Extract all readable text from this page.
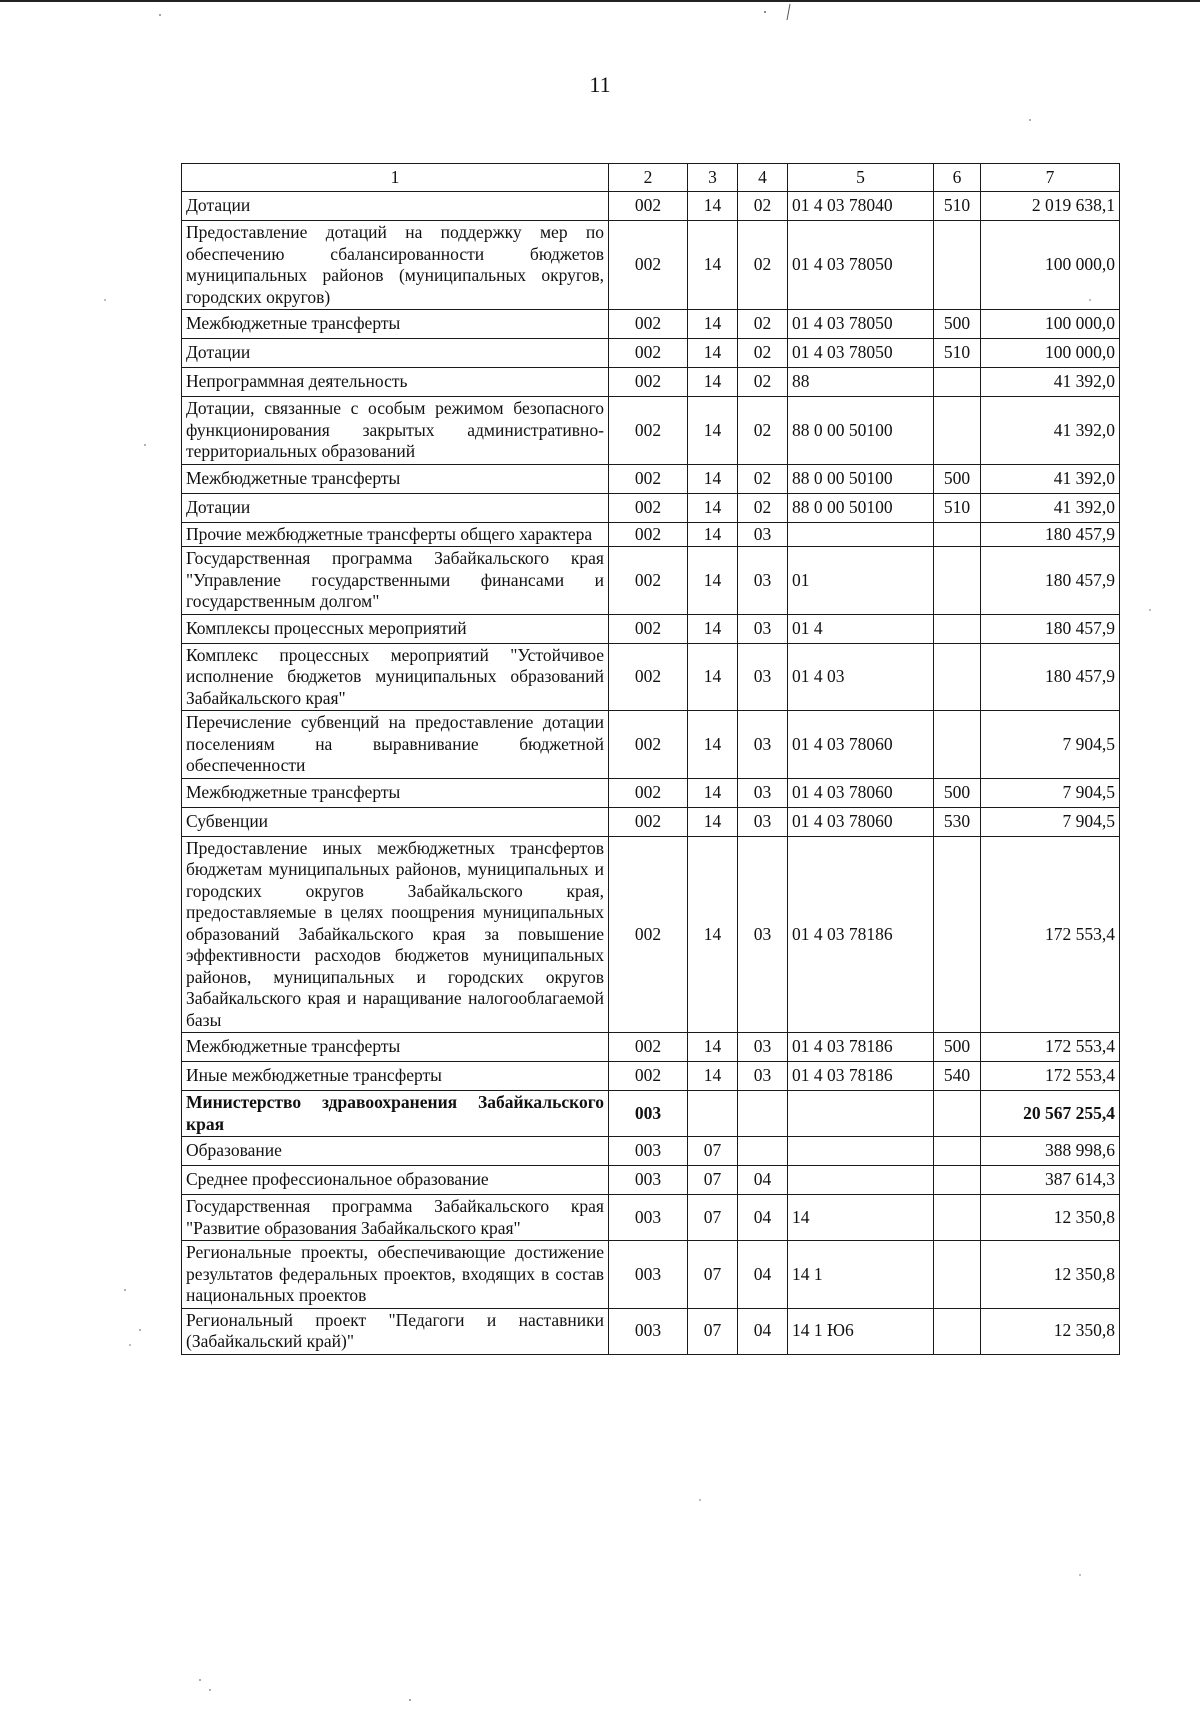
11
1	2	3	4	5	6	7
Дотации	002	14	02	01 4 03 78040	510	2 019 638,1
Предоставление дотаций на поддержку мер по обеспечению сбалансированности бюджетов муниципальных районов (муниципальных округов, городских округов)	002	14	02	01 4 03 78050		100 000,0
Межбюджетные трансферты	002	14	02	01 4 03 78050	500	100 000,0
Дотации	002	14	02	01 4 03 78050	510	100 000,0
Непрограммная деятельность	002	14	02	88		41 392,0
Дотации, связанные с особым режимом безопасного функционирования закрытых административно-территориальных образований	002	14	02	88 0 00 50100		41 392,0
Межбюджетные трансферты	002	14	02	88 0 00 50100	500	41 392,0
Дотации	002	14	02	88 0 00 50100	510	41 392,0
Прочие межбюджетные трансферты общего характера	002	14	03			180 457,9
Государственная программа Забайкальского края "Управление государственными финансами и государственным долгом"	002	14	03	01		180 457,9
Комплексы процессных мероприятий	002	14	03	01 4		180 457,9
Комплекс процессных мероприятий "Устойчивое исполнение бюджетов муниципальных образований Забайкальского края"	002	14	03	01 4 03		180 457,9
Перечисление субвенций на предоставление дотации поселениям на выравнивание бюджетной обеспеченности	002	14	03	01 4 03 78060		7 904,5
Межбюджетные трансферты	002	14	03	01 4 03 78060	500	7 904,5
Субвенции	002	14	03	01 4 03 78060	530	7 904,5
Предоставление иных межбюджетных трансфертов бюджетам муниципальных районов, муниципальных и городских округов Забайкальского края, предоставляемые в целях поощрения муниципальных образований Забайкальского края за повышение эффективности расходов бюджетов муниципальных районов, муниципальных и городских округов Забайкальского края и наращивание налогооблагаемой базы	002	14	03	01 4 03 78186		172 553,4
Межбюджетные трансферты	002	14	03	01 4 03 78186	500	172 553,4
Иные межбюджетные трансферты	002	14	03	01 4 03 78186	540	172 553,4
Министерство здравоохранения Забайкальского края	003					20 567 255,4
Образование	003	07				388 998,6
Среднее профессиональное образование	003	07	04			387 614,3
Государственная программа Забайкальского края "Развитие образования Забайкальского края"	003	07	04	14		12 350,8
Региональные проекты, обеспечивающие достижение результатов федеральных проектов, входящих в состав национальных проектов	003	07	04	14 1		12 350,8
Региональный проект "Педагоги и наставники (Забайкальский край)"	003	07	04	14 1 Ю6		12 350,8
